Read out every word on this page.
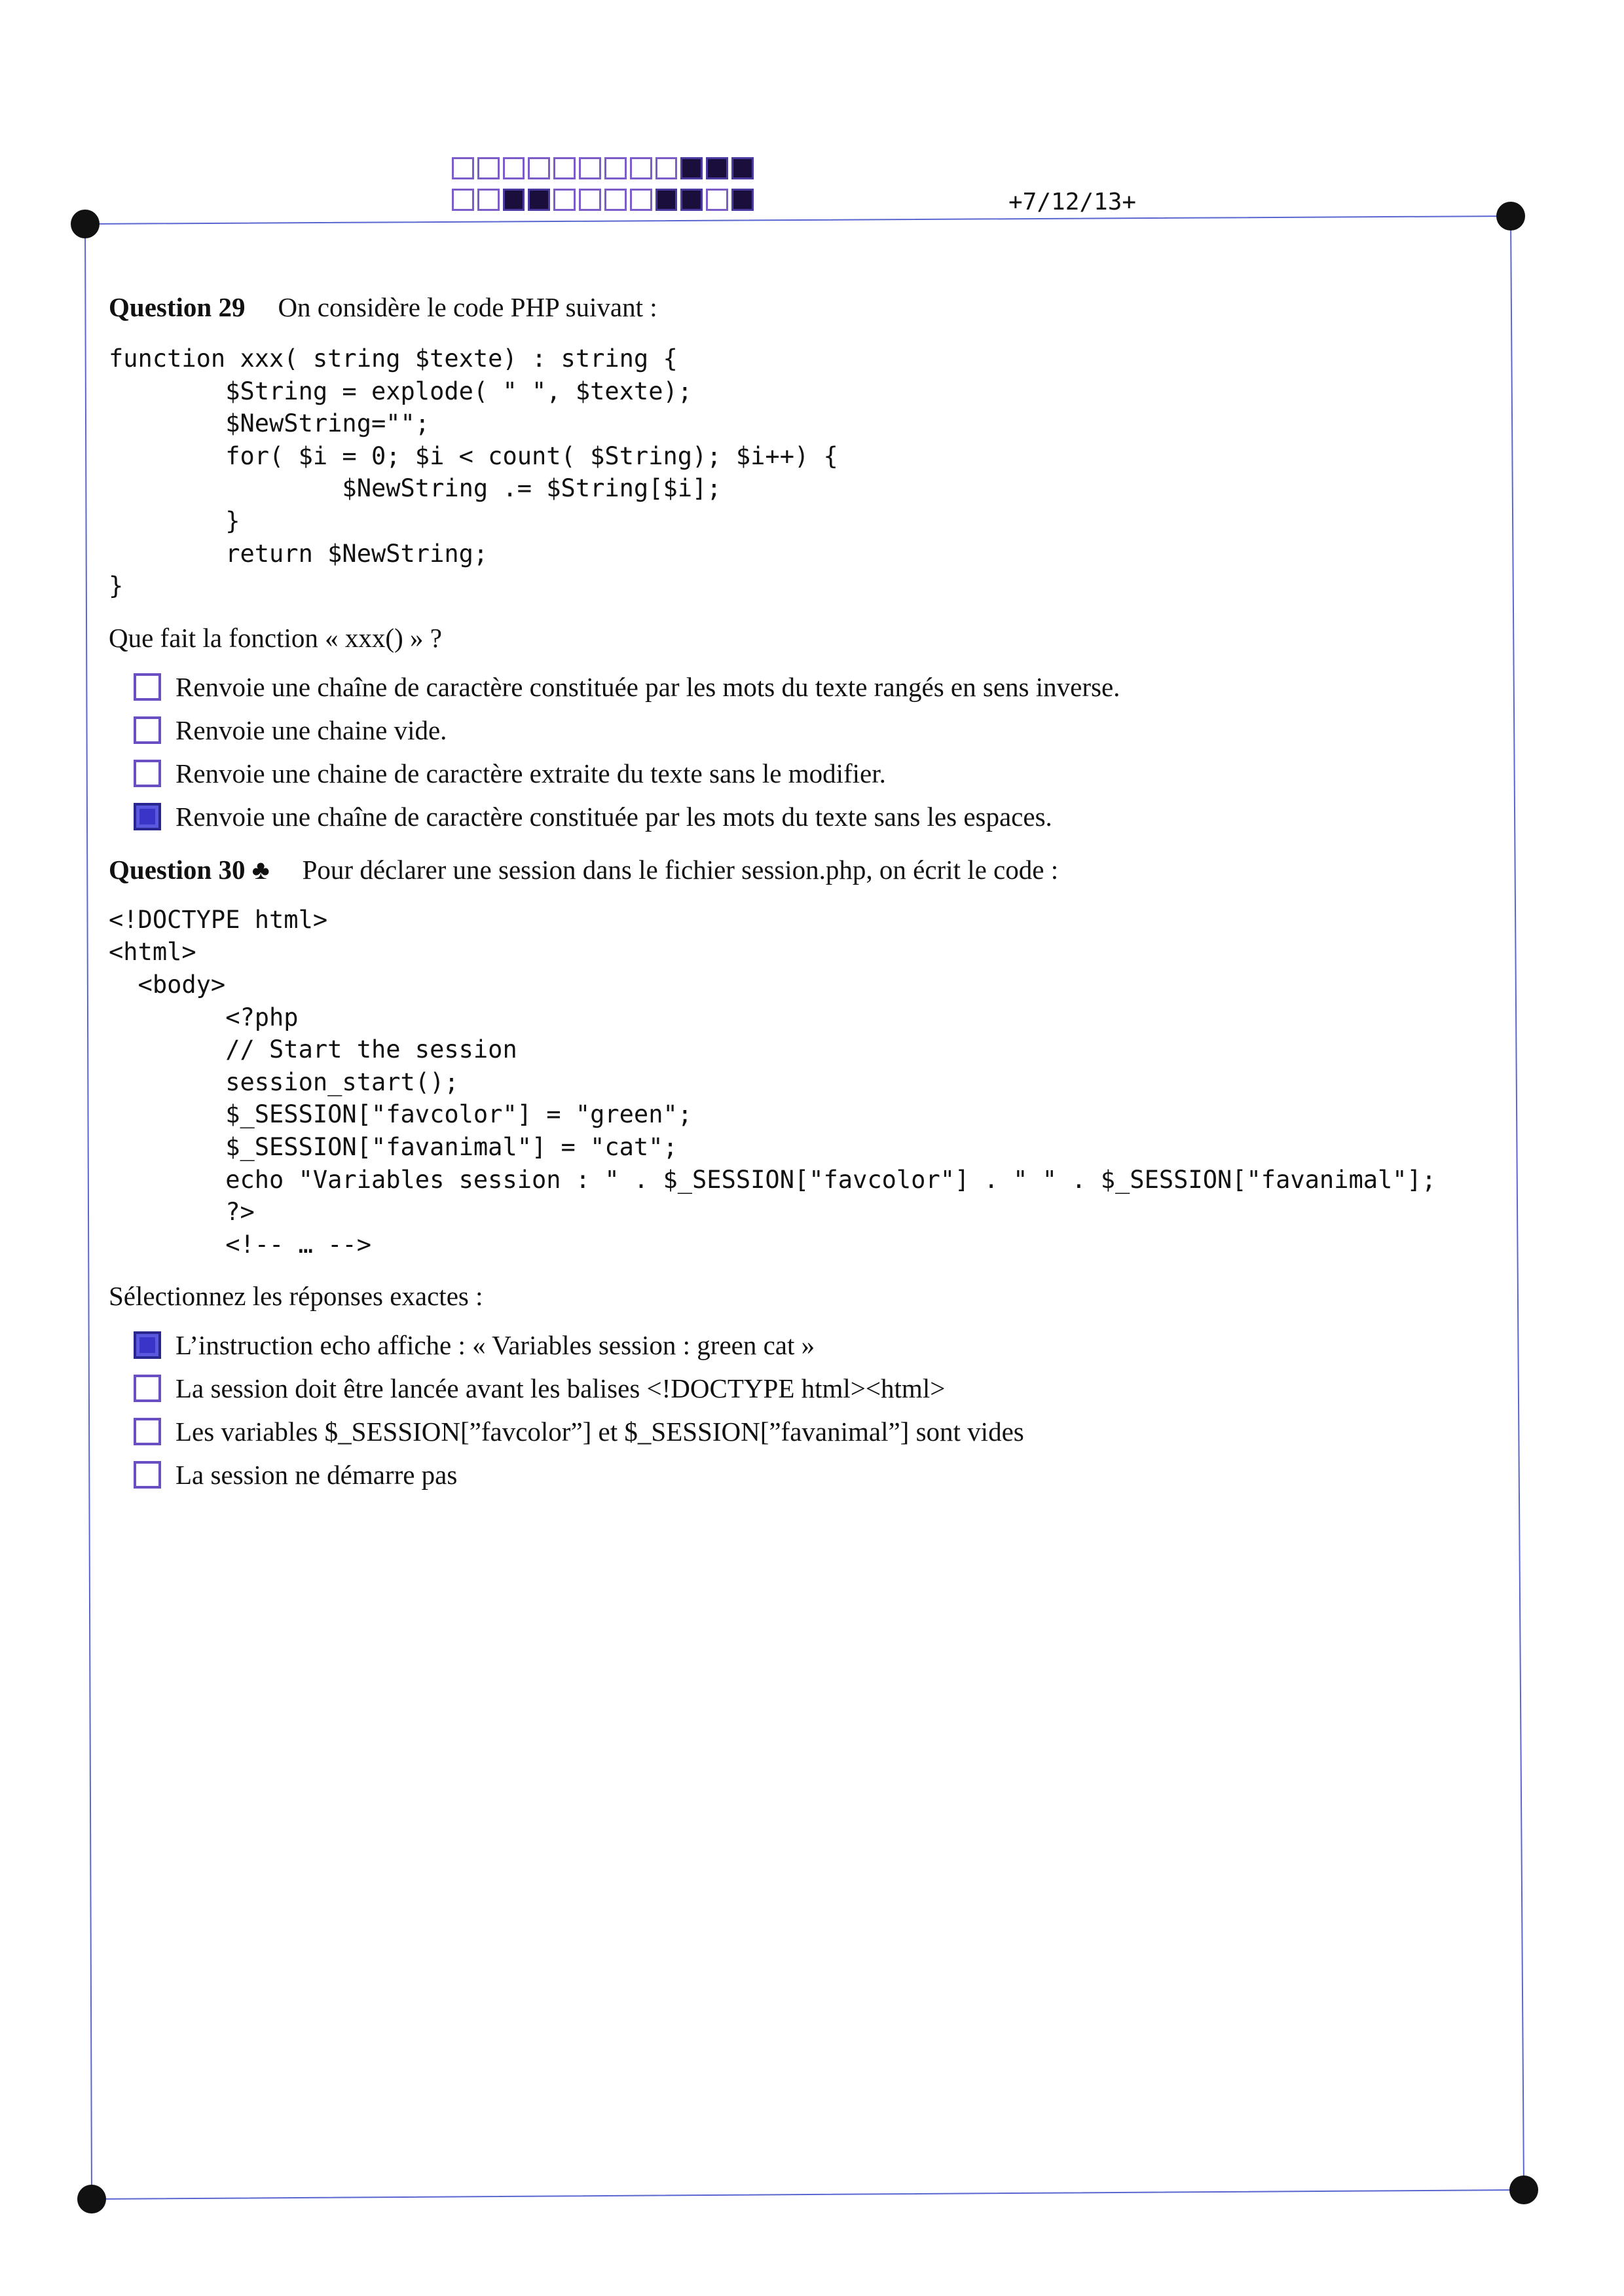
+7/12/13+

Question 29 On considère le code PHP suivant :

function xxx( string $texte) : string {
$String = explode( " ", $texte);
$NewString="";
for( $i = 0; $i < count( $String); $i++) {
$NewString .= $String[$i];
}
return $NewString;
}

Que fait la fonction « xxx() » ?

Renvoie une chaîne de caractère constituée par les mots du texte rangés en sens inverse.
Renvoie une chaine vide.
Renvoie une chaine de caractère extraite du texte sans le modifier.
Renvoie une chaîne de caractère constituée par les mots du texte sans les espaces.

Question 30 ♣ Pour déclarer une session dans le fichier session.php, on écrit le code :

<!DOCTYPE html>
<html>
<body>
<?php
// Start the session
session_start();
$_SESSION["favcolor"] = "green";
$_SESSION["favanimal"] = "cat";
echo "Variables session : " . $_SESSION["favcolor"] . " " . $_SESSION["favanimal"];
?>
<!-- … -->

Sélectionnez les réponses exactes :

L’instruction echo affiche : « Variables session : green cat »
La session doit être lancée avant les balises <!DOCTYPE html><html>
Les variables $_SESSION[”favcolor”] et $_SESSION[”favanimal”] sont vides
La session ne démarre pas
